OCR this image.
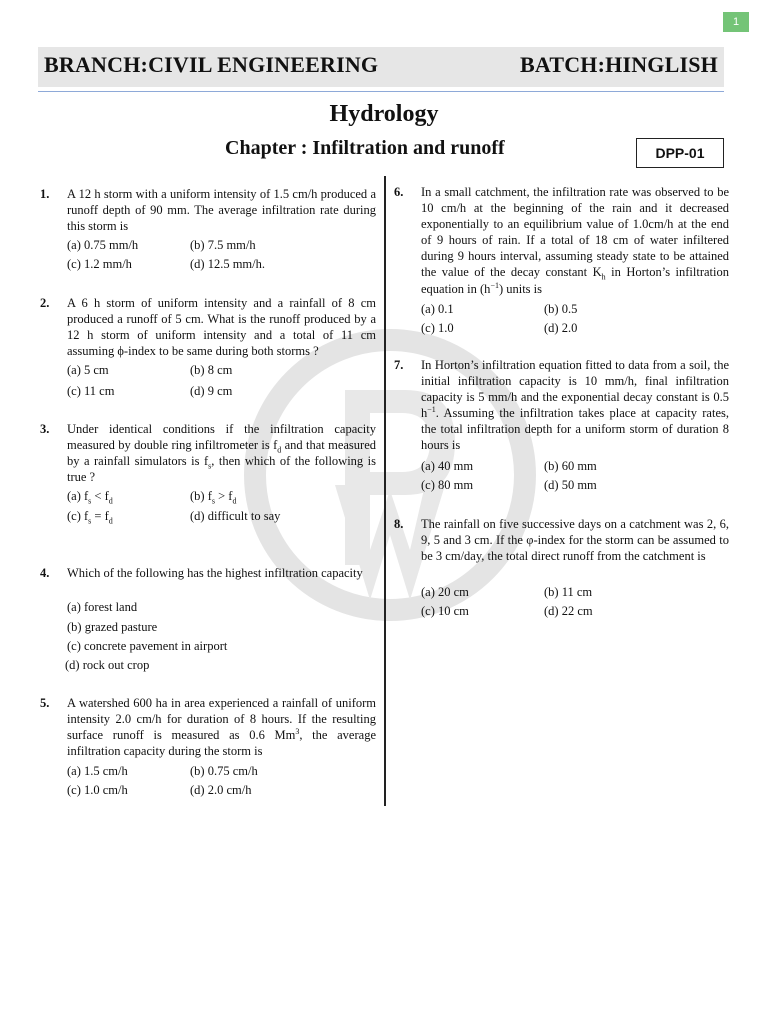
1
BRANCH:CIVIL ENGINEERING	BATCH:HINGLISH
Hydrology
Chapter : Infiltration and runoff	DPP-01
1. A 12 h storm with a uniform intensity of 1.5 cm/h produced a runoff depth of 90 mm. The average infiltration rate during this storm is
(a) 0.75 mm/h	(b) 7.5 mm/h
(c) 1.2 mm/h	(d) 12.5 mm/h.
2. A 6 h storm of uniform intensity and a rainfall of 8 cm produced a runoff of 5 cm. What is the runoff produced by a 12 h storm of uniform intensity and a total of 11 cm assuming ϕ-index to be same during both storms ?
(a) 5 cm	(b) 8 cm
(c) 11 cm	(d) 9 cm
3. Under identical conditions if the infiltration capacity measured by double ring infiltrometer is $f_d$ and that measured by a rainfall simulators is $f_s$, then which of the following is true ?
(a) $f_s < f_d$	(b) $f_s > f_d$
(c) $f_s = f_d$	(d) difficult to say
4. Which of the following has the highest infiltration capacity
(a) forest land
(b) grazed pasture
(c) concrete pavement in airport
(d) rock out crop
5. A watershed 600 ha in area experienced a rainfall of uniform intensity 2.0 cm/h for duration of 8 hours. If the resulting surface runoff is measured as 0.6 Mm$^3$, the average infiltration capacity during the storm is
(a) 1.5 cm/h	(b) 0.75 cm/h
(c) 1.0 cm/h	(d) 2.0 cm/h
6. In a small catchment, the infiltration rate was observed to be 10 cm/h at the beginning of the rain and it decreased exponentially to an equilibrium value of 1.0cm/h at the end of 9 hours of rain. If a total of 18 cm of water infiltered during 9 hours interval, assuming steady state to be attained the value of the decay constant $K_h$ in Horton’s infiltration equation in $(h^{-1})$ units is
(a) 0.1	(b) 0.5
(c) 1.0	(d) 2.0
7. In Horton’s infiltration equation fitted to data from a soil, the initial infiltration capacity is 10 mm/h, final infiltration capacity is 5 mm/h and the exponential decay constant is 0.5 $h^{-1}$. Assuming the infiltration takes place at capacity rates, the total infiltration depth for a uniform storm of duration 8 hours is
(a) 40 mm	(b) 60 mm
(c) 80 mm	(d) 50 mm
8. The rainfall on five successive days on a catchment was 2, 6, 9, 5 and 3 cm. If the φ-index for the storm can be assumed to be 3 cm/day, the total direct runoff from the catchment is
(a) 20 cm	(b) 11 cm
(c) 10 cm	(d) 22 cm
